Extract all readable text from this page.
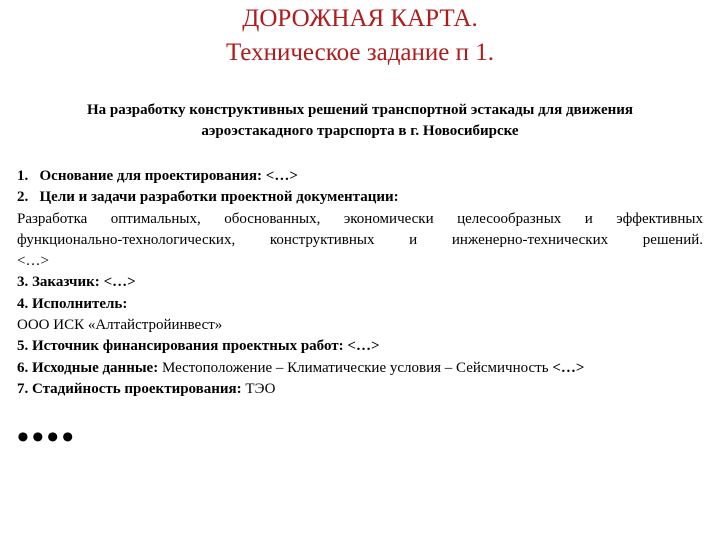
ДОРОЖНАЯ КАРТА.
Техническое задание п 1.
На разработку конструктивных решений транспортной эстакады для движения
аэроэстакадного трарспорта в г. Новосибирске
1. Основание для проектирования: <…>
2. Цели и задачи разработки проектной документации:
Разработка оптимальных, обоснованных, экономически целесообразных и эффективных
функционально-технологических, конструктивных и инженерно-технических решений.
<…>
3. Заказчик: <…>
4. Исполнитель:
ООО ИСК «Алтайстройинвест»
5. Источник финансирования проектных работ: <…>
6. Исходные данные: Местоположение – Климатические условия – Сейсмичность <…>
7. Стадийность проектирования: ТЭО
••••
